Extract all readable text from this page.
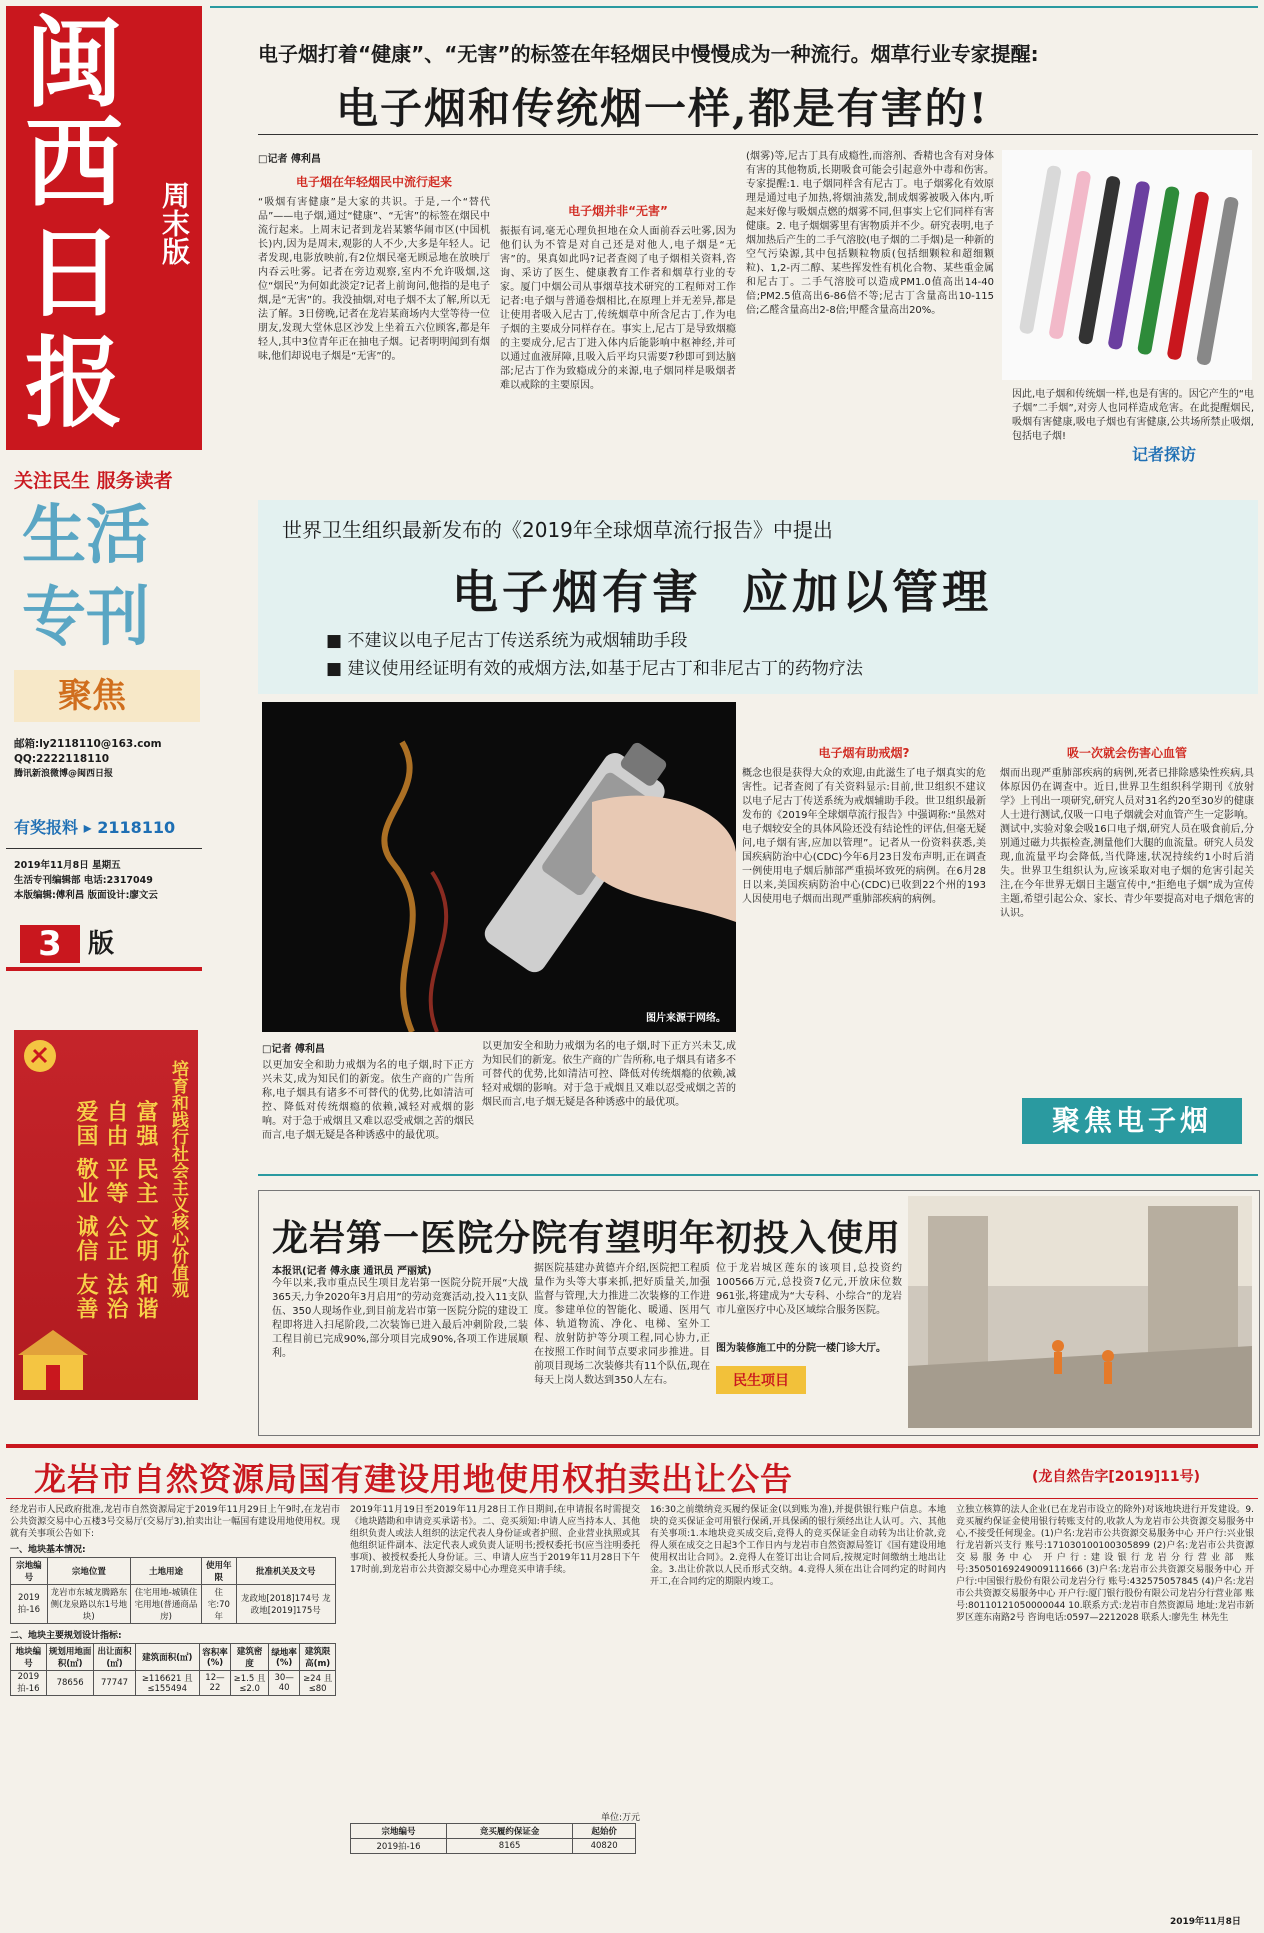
闽
西
日
报
周末版
关注民生 服务读者
生活
专刊
聚焦
邮箱:ly2118110@163.com
QQ:2222118110
腾讯新浪微博@闽西日报
有奖报料 ▸ 2118110
2019年11月8日 星期五
生活专刊编辑部 电话:2317049
本版编辑:傅利昌 版面设计:廖文云
3	版
培育和践行社会主义核心价值观
富强 民主 文明 和谐
自由 平等 公正 法治
爱国 敬业 诚信 友善
电子烟打着“健康”、“无害”的标签在年轻烟民中慢慢成为一种流行。烟草行业专家提醒:
电子烟和传统烟一样,都是有害的!
□记者 傅利昌
电子烟在年轻烟民中流行起来
“吸烟有害健康”是大家的共识。于是,一个“替代品”——电子烟,通过“健康”、“无害”的标签在烟民中流行起来。上周末记者到龙岩某繁华闹市区(中国机长)内,因为是周末,观影的人不少,大多是年轻人。记者发现,电影放映前,有2位烟民毫无顾忌地在放映厅内吞云吐雾。记者在旁边观察,室内不允许吸烟,这位“烟民”为何如此淡定?记者上前询问,他指的是电子烟,是“无害”的。我没抽烟,对电子烟不太了解,所以无法了解。3日傍晚,记者在龙岩某商场内大堂等待一位朋友,发现大堂休息区沙发上坐着五六位顾客,都是年轻人,其中3位青年正在抽电子烟。记者明明闻到有烟味,他们却说电子烟是“无害”的。
电子烟并非“无害”
振振有词,毫无心理负担地在众人面前吞云吐雾,因为他们认为不管是对自己还是对他人,电子烟是“无害”的。果真如此吗?记者查阅了电子烟相关资料,咨询、采访了医生、健康教育工作者和烟草行业的专家。厦门中烟公司从事烟草技术研究的工程师对工作记者:电子烟与普通卷烟相比,在原理上并无差异,都是让使用者吸入尼古丁,传统烟草中所含尼古丁,作为电子烟的主要成分同样存在。事实上,尼古丁是导致烟瘾的主要成分,尼古丁进入体内后能影响中枢神经,并可以通过血液屏障,且吸入后平均只需要7秒即可到达脑部;尼古丁作为致瘾成分的来源,电子烟同样是吸烟者难以戒除的主要原因。
(烟雾)等,尼古丁具有成瘾性,而溶剂、香精也含有对身体有害的其他物质,长期吸食可能会引起意外中毒和伤害。专家提醒:1. 电子烟同样含有尼古丁。电子烟雾化有效原理是通过电子加热,将烟油蒸发,制成烟雾被吸入体内,听起来好像与吸烟点燃的烟雾不同,但事实上它们同样有害健康。2. 电子烟烟雾里有害物质并不少。研究表明,电子烟加热后产生的二手气溶胶(电子烟的二手烟)是一种新的空气污染源,其中包括颗粒物质(包括细颗粒和超细颗粒)、1,2-丙二醇、某些挥发性有机化合物、某些重金属和尼古丁。二手气溶胶可以造成PM1.0值高出14-40倍;PM2.5值高出6-86倍不等;尼古丁含量高出10-115倍;乙醛含量高出2-8倍;甲醛含量高出20%。
因此,电子烟和传统烟一样,也是有害的。因它产生的“电子烟”二手烟”,对旁人也同样造成危害。在此提醒烟民,吸烟有害健康,吸电子烟也有害健康,公共场所禁止吸烟,包括电子烟!
记者探访
世界卫生组织最新发布的《2019年全球烟草流行报告》中提出
电子烟有害  应加以管理
■ 不建议以电子尼古丁传送系统为戒烟辅助手段
■ 建议使用经证明有效的戒烟方法,如基于尼古丁和非尼古丁的药物疗法
图片来源于网络。
□记者 傅利昌
以更加安全和助力戒烟为名的电子烟,时下正方兴未艾,成为知民们的新宠。依生产商的广告所称,电子烟具有诸多不可替代的优势,比如清洁可控、降低对传统烟瘾的依赖,减轻对戒烟的影响。对于急于戒烟且又难以忍受戒烟之苦的烟民而言,电子烟无疑是各种诱惑中的最优项。
以更加安全和助力戒烟为名的电子烟,时下正方兴未艾,成为知民们的新宠。依生产商的广告所称,电子烟具有诸多不可替代的优势,比如清洁可控、降低对传统烟瘾的依赖,减轻对戒烟的影响。对于急于戒烟且又难以忍受戒烟之苦的烟民而言,电子烟无疑是各种诱惑中的最优项。
电子烟有助戒烟?
概念也很是获得大众的欢迎,由此滋生了电子烟真实的危害性。记者查阅了有关资料显示:目前,世卫组织不建议以电子尼古丁传送系统为戒烟辅助手段。世卫组织最新发布的《2019年全球烟草流行报告》中强调称:“虽然对电子烟较安全的具体风险还没有结论性的评估,但毫无疑问,电子烟有害,应加以管理”。记者从一份资料获悉,美国疾病防治中心(CDC)今年6月23日发布声明,正在调查一例使用电子烟后肺部严重损坏致死的病例。在6月28日以来,美国疾病防治中心(CDC)已收到22个州的193人因使用电子烟而出现严重肺部疾病的病例。
吸一次就会伤害心血管
烟而出现严重肺部疾病的病例,死者已排除感染性疾病,具体原因仍在调查中。近日,世界卫生组织科学期刊《放射学》上刊出一项研究,研究人员对31名约20至30岁的健康人士进行测试,仅吸一口电子烟就会对血管产生一定影响。测试中,实验对象会吸16口电子烟,研究人员在吸食前后,分别通过磁力共振检查,测量他们大腿的血流量。研究人员发现,血流量平均会降低,当代降速,状况持续约1小时后消失。世界卫生组织认为,应该采取对电子烟的危害引起关注,在今年世界无烟日主题宣传中,“拒绝电子烟”成为宣传主题,希望引起公众、家长、青少年要提高对电子烟危害的认识。
聚焦电子烟
龙岩第一医院分院有望明年初投入使用
本报讯(记者 傅永康 通讯员 严丽斌)
今年以来,我市重点民生项目龙岩第一医院分院开展“大战365天,力争2020年3月启用”的劳动竞赛活动,投入11支队伍、350人现场作业,到目前龙岩市第一医院分院的建设工程即将进入扫尾阶段,二次装饰已进入最后冲刺阶段,二装工程目前已完成90%,部分项目完成90%,各项工作进展顺利。
据医院基建办黄德卉介绍,医院把工程质量作为头等大事来抓,把好质量关,加强监督与管理,大力推进二次装修的工作进度。参建单位的智能化、暖通、医用气体、轨道物流、净化、电梯、室外工程、放射防护等分项工程,同心协力,正在按照工作时间节点要求同步推进。目前项目现场二次装修共有11个队伍,现在每天上岗人数达到350人左右。
位于龙岩城区莲东的该项目,总投资约100566万元,总投资7亿元,开放床位数961张,将建成为“大专科、小综合”的龙岩市儿童医疗中心及区域综合服务医院。
图为装修施工中的分院一楼门诊大厅。
民生项目
龙岩市自然资源局国有建设用地使用权拍卖出让公告	(龙自然告字[2019]11号)
经龙岩市人民政府批准,龙岩市自然资源局定于2019年11月29日上午9时,在龙岩市公共资源交易中心五楼3号交易厅(交易厅3),拍卖出让一幅国有建设用地使用权。现就有关事项公告如下:
一、地块基本情况:
宗地编号	宗地位置	土地用途	使用年限	批准机关及文号
2019拍-16	龙岩市东城龙腾路东侧(龙泉路以东1号地块)	住宅用地-城镇住宅用地(普通商品房)	住宅:70年	龙政地[2018]174号 龙政地[2019]175号
二、地块主要规划设计指标:
地块编号	规划用地面积(㎡)	出让面积(㎡)	建筑面积(㎡)	容积率(%)	建筑密度	绿地率(%)	建筑限高(m)
2019拍-16	78656	77747	≥116621 且≤155494	12—22	≥1.5 且≤2.0	30—40	≥24 且≤80
2019年11月19日至2019年11月28日工作日期间,在申请报名时需提交《地块踏勘和申请竞买承诺书》。二、竞买须知:申请人应当持本人、其他组织负责人或法人组织的法定代表人身份证或者护照、企业营业执照或其他组织证件副本、法定代表人或负责人证明书;授权委托书(应当注明委托事项)、被授权委托人身份证。三、申请人应当于2019年11月28日下午17时前,到龙岩市公共资源交易中心办理竞买申请手续。
单位:万元
宗地编号	竞买履约保证金	起始价
2019拍-16	8165	40820
16:30之前缴纳竞买履约保证金(以到账为准),并提供银行账户信息。本地块的竞买保证金可用银行保函,开具保函的银行须经出让人认可。六、其他有关事项:1.本地块竞买成交后,竞得人的竞买保证金自动转为出让价款,竞得人须在成交之日起3个工作日内与龙岩市自然资源局签订《国有建设用地使用权出让合同》。2.竞得人在签订出让合同后,按规定时间缴纳土地出让金。3.出让价款以人民币形式交纳。4.竞得人须在出让合同约定的时间内开工,在合同约定的期限内竣工。
立独立核算的法人企业(已在龙岩市设立的除外)对该地块进行开发建设。9.竞买履约保证金使用银行转账支付的,收款人为龙岩市公共资源交易服务中心,不接受任何现金。(1)户名:龙岩市公共资源交易服务中心 开户行:兴业银行龙岩新兴支行 账号:171030100100305899 (2)户名:龙岩市公共资源交易服务中心 开户行:建设银行龙岩分行营业部 账号:35050169249009111666 (3)户名:龙岩市公共资源交易服务中心 开户行:中国银行股份有限公司龙岩分行 账号:432575057845 (4)户名:龙岩市公共资源交易服务中心 开户行:厦门银行股份有限公司龙岩分行营业部 账号:80110121050000044 10.联系方式:龙岩市自然资源局 地址:龙岩市新罗区莲东南路2号 咨询电话:0597—2212028 联系人:廖先生 林先生
2019年11月8日
